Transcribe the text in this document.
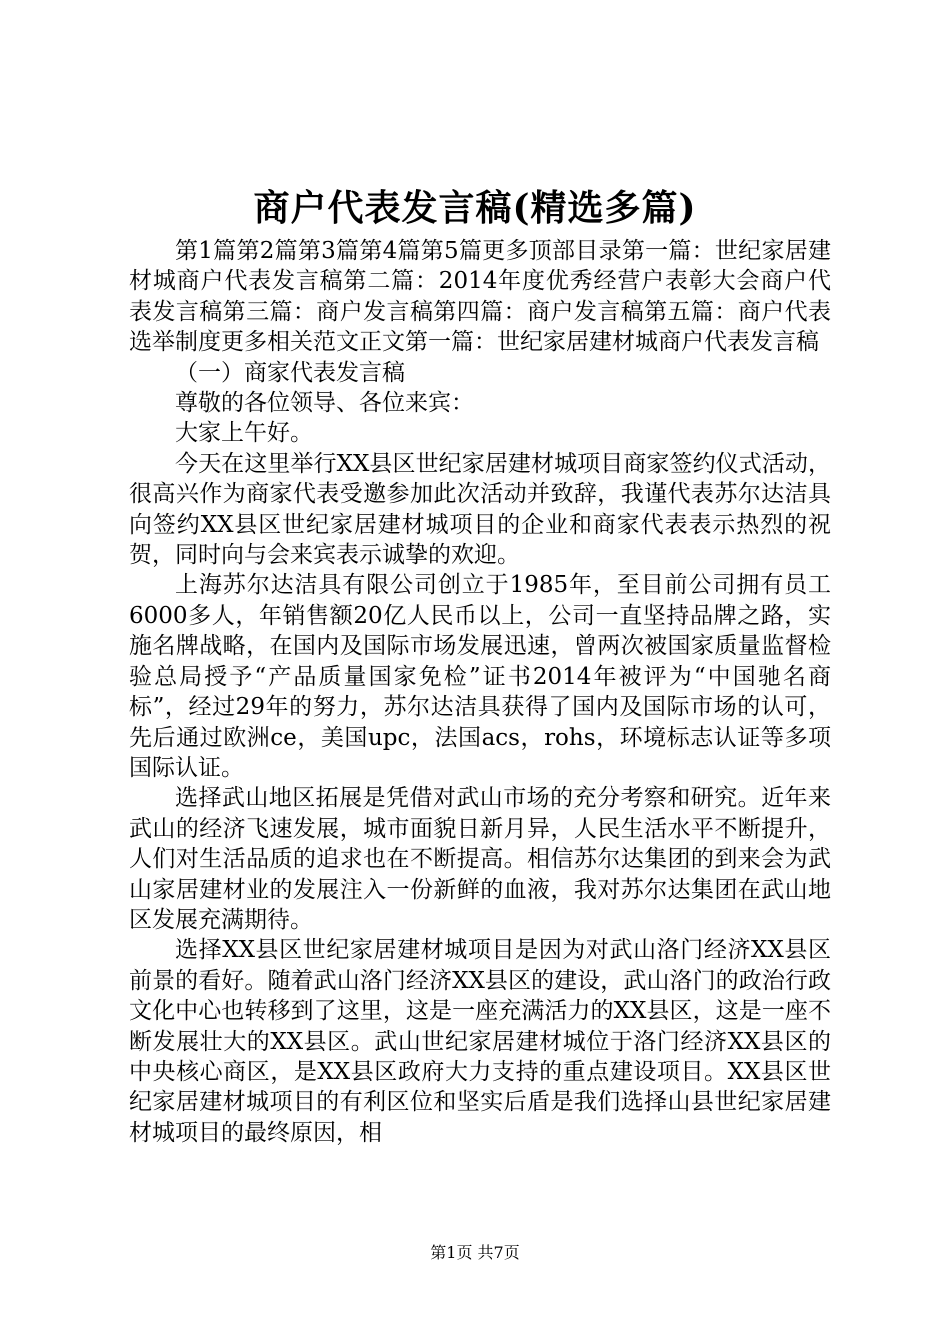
商户代表发言稿(精选多篇)

第1篇第2篇第3篇第4篇第5篇更多顶部目录第一篇：世纪家居建材城商户代表发言稿第二篇：2014年度优秀经营户表彰大会商户代表发言稿第三篇：商户发言稿第四篇：商户发言稿第五篇：商户代表选举制度更多相关范文正文第一篇：世纪家居建材城商户代表发言稿

（一）商家代表发言稿

尊敬的各位领导、各位来宾：

大家上午好。

今天在这里举行XX县区世纪家居建材城项目商家签约仪式活动，很高兴作为商家代表受邀参加此次活动并致辞，我谨代表苏尔达洁具向签约XX县区世纪家居建材城项目的企业和商家代表表示热烈的祝贺，同时向与会来宾表示诚挚的欢迎。

上海苏尔达洁具有限公司创立于1985年，至目前公司拥有员工6000多人，年销售额20亿人民币以上，公司一直坚持品牌之路，实施名牌战略，在国内及国际市场发展迅速，曾两次被国家质量监督检验总局授予“产品质量国家免检”证书2014年被评为“中国驰名商标”，经过29年的努力，苏尔达洁具获得了国内及国际市场的认可，先后通过欧洲ce，美国upc，法国acs，rohs，环境标志认证等多项国际认证。

选择武山地区拓展是凭借对武山市场的充分考察和研究。近年来武山的经济飞速发展，城市面貌日新月异，人民生活水平不断提升，人们对生活品质的追求也在不断提高。相信苏尔达集团的到来会为武山家居建材业的发展注入一份新鲜的血液，我对苏尔达集团在武山地区发展充满期待。

选择XX县区世纪家居建材城项目是因为对武山洛门经济XX县区前景的看好。随着武山洛门经济XX县区的建设，武山洛门的政治行政文化中心也转移到了这里，这是一座充满活力的XX县区，这是一座不断发展壮大的XX县区。武山世纪家居建材城位于洛门经济XX县区的中央核心商区，是XX县区政府大力支持的重点建设项目。XX县区世纪家居建材城项目的有利区位和坚实后盾是我们选择山县世纪家居建材城项目的最终原因，相

第1页 共7页
